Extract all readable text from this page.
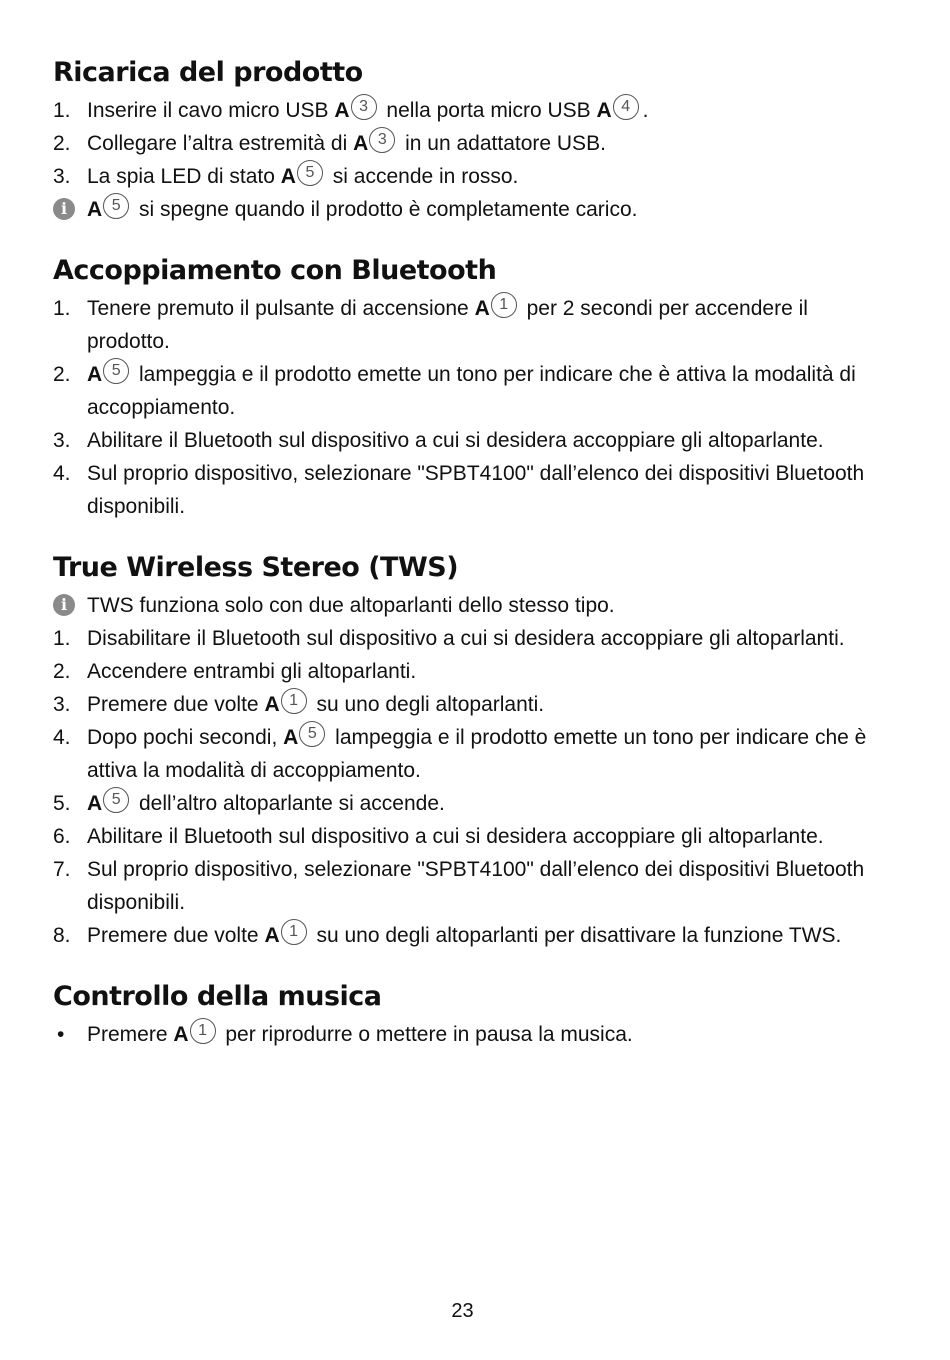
Ricarica del prodotto
1. Inserire il cavo micro USB A 3 nella porta micro USB A 4 .
2. Collegare l’altra estremità di A 3 in un adattatore USB.
3. La spia LED di stato A 5 si accende in rosso.
i A 5 si spegne quando il prodotto è completamente carico.
Accoppiamento con Bluetooth
1. Tenere premuto il pulsante di accensione A 1 per 2 secondi per accendere il prodotto.
2. A 5 lampeggia e il prodotto emette un tono per indicare che è attiva la modalità di accoppiamento.
3. Abilitare il Bluetooth sul dispositivo a cui si desidera accoppiare gli altoparlante.
4. Sul proprio dispositivo, selezionare "SPBT4100" dall’elenco dei dispositivi Bluetooth disponibili.
True Wireless Stereo (TWS)
i TWS funziona solo con due altoparlanti dello stesso tipo.
1. Disabilitare il Bluetooth sul dispositivo a cui si desidera accoppiare gli altoparlanti.
2. Accendere entrambi gli altoparlanti.
3. Premere due volte A 1 su uno degli altoparlanti.
4. Dopo pochi secondi, A 5 lampeggia e il prodotto emette un tono per indicare che è attiva la modalità di accoppiamento.
5. A 5 dell’altro altoparlante si accende.
6. Abilitare il Bluetooth sul dispositivo a cui si desidera accoppiare gli altoparlante.
7. Sul proprio dispositivo, selezionare "SPBT4100" dall’elenco dei dispositivi Bluetooth disponibili.
8. Premere due volte A 1 su uno degli altoparlanti per disattivare la funzione TWS.
Controllo della musica
• Premere A 1 per riprodurre o mettere in pausa la musica.
23
